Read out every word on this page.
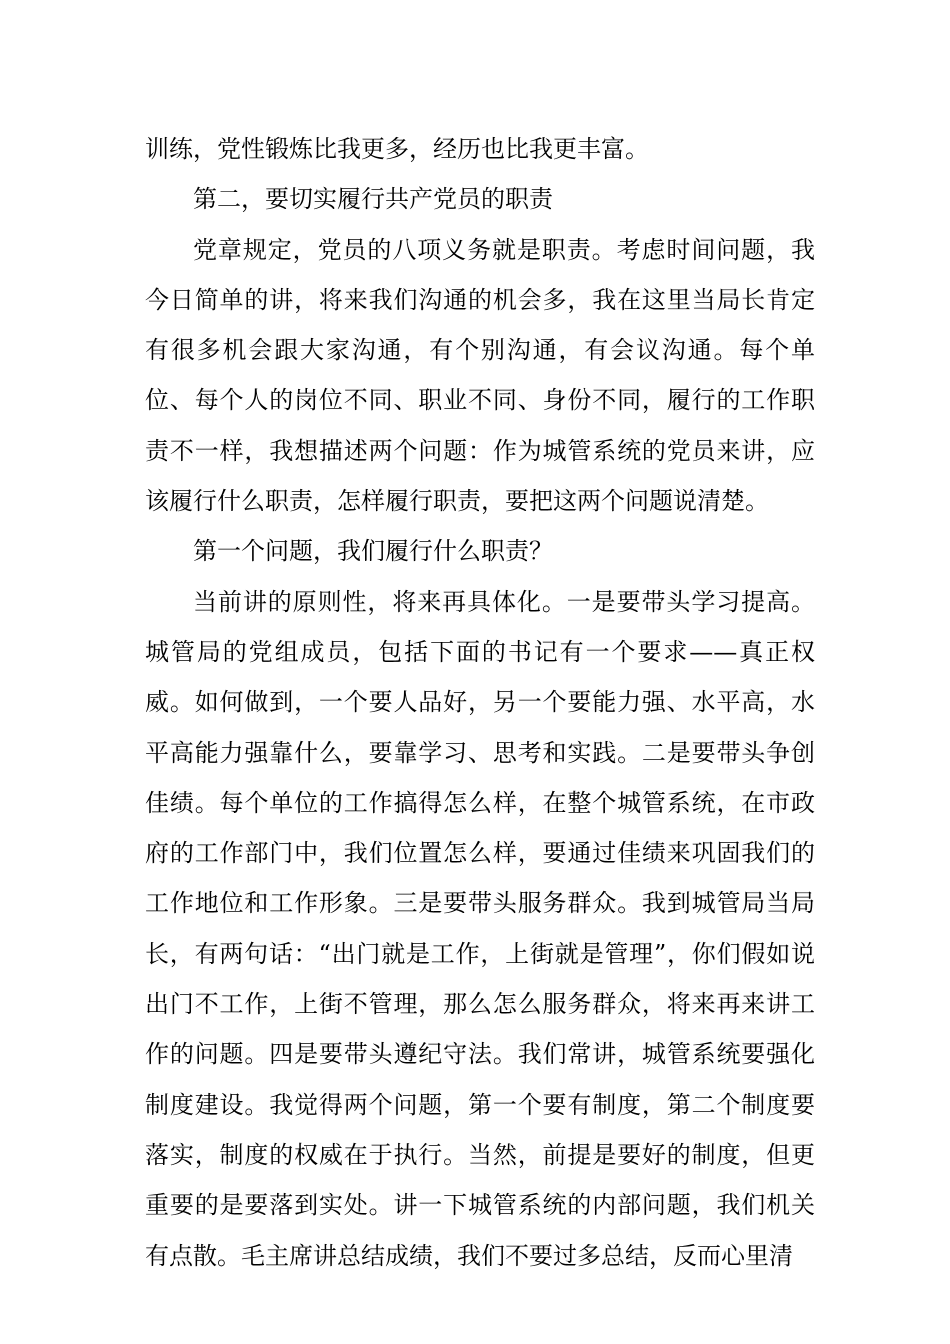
训练，党性锻炼比我更多，经历也比我更丰富。

第二，要切实履行共产党员的职责

党章规定，党员的八项义务就是职责。考虑时间问题，我今日简单的讲，将来我们沟通的机会多，我在这里当局长肯定有很多机会跟大家沟通，有个别沟通，有会议沟通。每个单位、每个人的岗位不同、职业不同、身份不同，履行的工作职责不一样，我想描述两个问题：作为城管系统的党员来讲，应该履行什么职责，怎样履行职责，要把这两个问题说清楚。

第一个问题，我们履行什么职责？

当前讲的原则性，将来再具体化。一是要带头学习提高。城管局的党组成员，包括下面的书记有一个要求——真正权威。如何做到，一个要人品好，另一个要能力强、水平高，水平高能力强靠什么，要靠学习、思考和实践。二是要带头争创佳绩。每个单位的工作搞得怎么样，在整个城管系统，在市政府的工作部门中，我们位置怎么样，要通过佳绩来巩固我们的工作地位和工作形象。三是要带头服务群众。我到城管局当局长，有两句话：“出门就是工作，上街就是管理”，你们假如说出门不工作，上街不管理，那么怎么服务群众，将来再来讲工作的问题。四是要带头遵纪守法。我们常讲，城管系统要强化制度建设。我觉得两个问题，第一个要有制度，第二个制度要落实，制度的权威在于执行。当然，前提是要好的制度，但更重要的是要落到实处。讲一下城管系统的内部问题，我们机关有点散。毛主席讲总结成绩，我们不要过多总结，反而心里清
